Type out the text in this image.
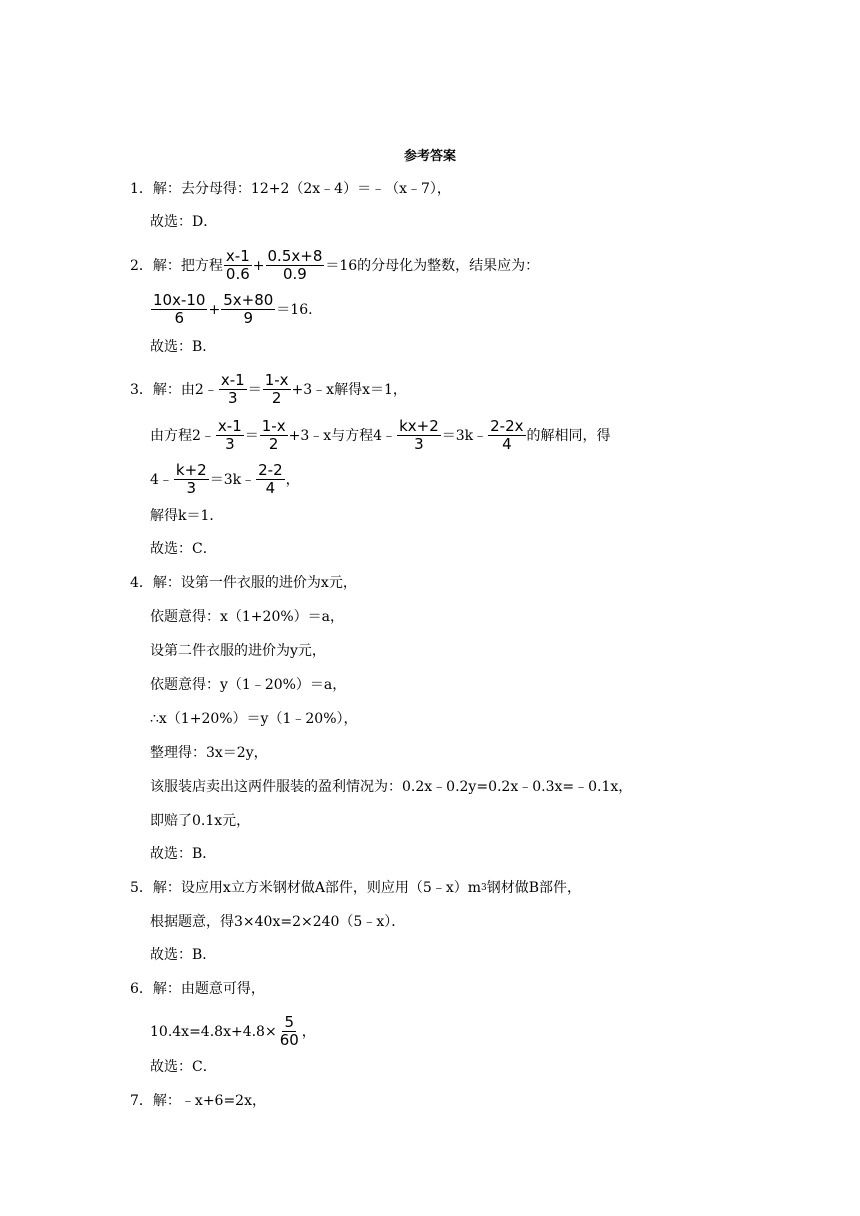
参考答案
1． 解：去分母得：12+2（2x﹣4）＝﹣（x﹣7），
故选：D．
2． 解：把方程 $\frac{x-1}{0.6} + \frac{0.5x+8}{0.9} =16$的分母化为整数，结果应为：
$\frac{10x-10}{6} + \frac{5x+80}{9} =16$.
故选：B．
3． 解：由2﹣ $\frac{x-1}{3} = \frac{1-x}{2}$ +3﹣x解得x＝1，
由方程2﹣ $\frac{x-1}{3} = \frac{1-x}{2}$ +3﹣x与方程4﹣ $\frac{kx+2}{3}$ ＝3k﹣ $\frac{2-2x}{4}$ 的解相同，得
4﹣ $\frac{k+2}{3}$ ＝3k﹣ $\frac{2-2}{4}$ ，
解得k＝1．
故选：C．
4． 解：设第一件衣服的进价为x元，
依题意得：x（1+20%）＝a，
设第二件衣服的进价为y元，
依题意得：y（1﹣20%）＝a，
∴x（1+20%）＝y（1﹣20%），
整理得：3x＝2y，
该服装店卖出这两件服装的盈利情况为：0.2x﹣0.2y=0.2x﹣0.3x=﹣0.1x，
即赔了0.1x元，
故选：B．
5． 解：设应用x立方米钢材做A部件，则应用（5﹣x）m 3 钢材做B部件，
根据题意，得3×40x=2×240（5﹣x）．
故选：B．
6． 解：由题意可得，
$10.4x=4.8x+4.8\times \frac{5}{60}$ ，
故选：C．
7． 解：﹣x+6=2x，
